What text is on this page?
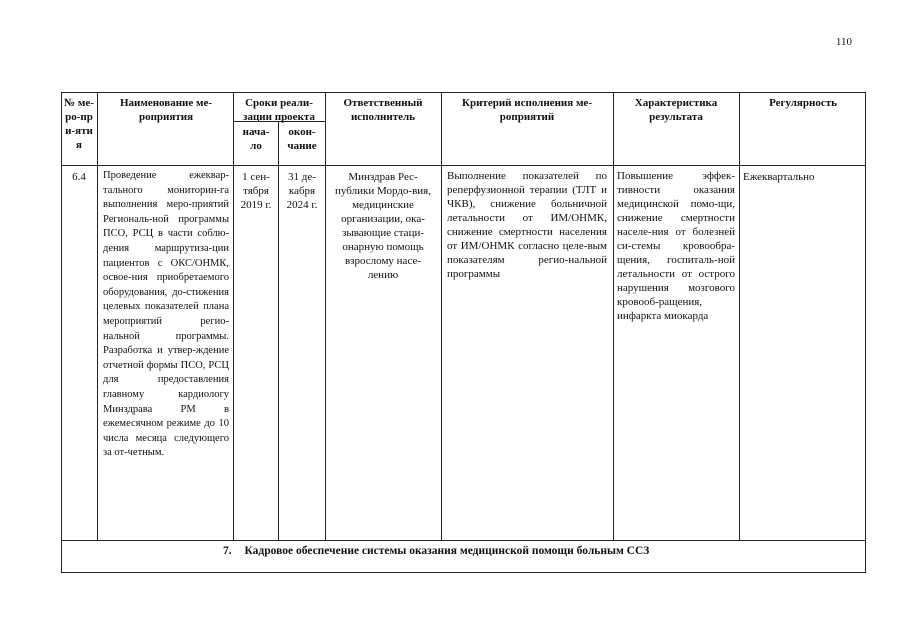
110
№ ме-ро-при-ятия
Наименование ме-роприятия
Сроки реали-зации проекта
нача-ло
окон-чание
Ответственный исполнитель
Критерий исполнения ме-роприятий
Характеристика результата
Регулярность
6.4	Проведение ежеквар-тального мониторин-га выполнения меро-приятий Региональ-ной программы ПСО, РСЦ в части соблю-дения маршрутиза-ции пациентов с ОКС/ОНМК, освое-ния приобретаемого оборудования, до-стижения целевых показателей плана мероприятий регио-нальной программы. Разработка и утвер-ждение отчетной формы ПСО, РСЦ для предоставления главному кардиологу Минздрава РМ в ежемесячном режиме до 10 числа месяца следующего за от-четным.
1 сен-тября 2019 г.
31 де-кабря 2024 г.
Минздрав Рес-публики Мордо-вия, медицинские организации, ока-зывающие стаци-онарную помощь взрослому насе-лению
Выполнение показателей по реперфузионной терапии (ТЛТ и ЧКВ), снижение больничной летальности от ИМ/ОНМК, снижение смертности населения от ИМ/ОНМК согласно целе-вым показателям регио-нальной программы
Повышение эффек-тивности оказания медицинской помо-щи, снижение смертности населе-ния от болезней си-стемы кровообра-щения, госпиталь-ной летальности от острого нарушения мозгового кровооб-ращения, инфаркта миокарда
Ежеквартально
7. Кадровое обеспечение системы оказания медицинской помощи больным ССЗ
